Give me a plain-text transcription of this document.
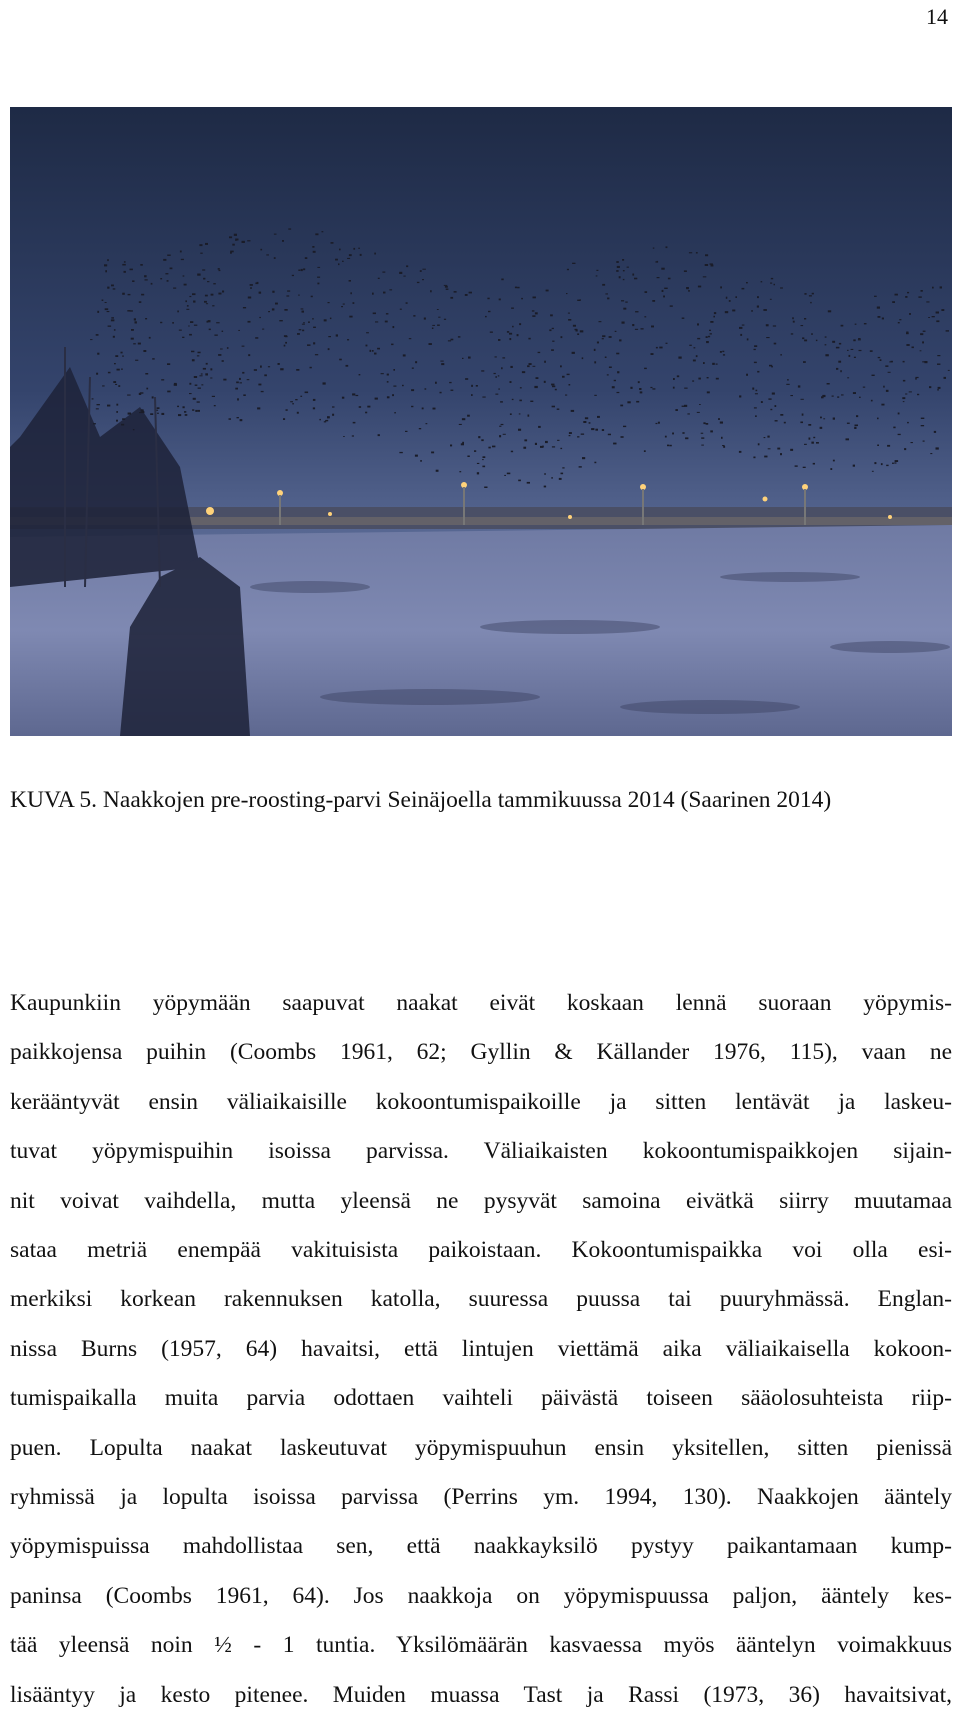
14
KUVA 5. Naakkojen pre-roosting-parvi Seinäjoella tammikuussa 2014 (Saarinen 2014)
Kaupunkiin yöpymään saapuvat naakat eivät koskaan lennä suoraan yöpymis-
paikkojensa puihin (Coombs 1961, 62; Gyllin & Källander 1976, 115), vaan ne
kerääntyvät ensin väliaikaisille kokoontumispaikoille ja sitten lentävät ja laskeu-
tuvat yöpymispuihin isoissa parvissa. Väliaikaisten kokoontumispaikkojen sijain-
nit voivat vaihdella, mutta yleensä ne pysyvät samoina eivätkä siirry muutamaa
sataa metriä enempää vakituisista paikoistaan. Kokoontumispaikka voi olla esi-
merkiksi korkean rakennuksen katolla, suuressa puussa tai puuryhmässä. Englan-
nissa Burns (1957, 64) havaitsi, että lintujen viettämä aika väliaikaisella kokoon-
tumispaikalla muita parvia odottaen vaihteli päivästä toiseen sääolosuhteista riip-
puen. Lopulta naakat laskeutuvat yöpymispuuhun ensin yksitellen, sitten pienissä
ryhmissä ja lopulta isoissa parvissa (Perrins ym. 1994, 130). Naakkojen ääntely
yöpymispuissa mahdollistaa sen, että naakkayksilö pystyy paikantamaan kump-
paninsa (Coombs 1961, 64). Jos naakkoja on yöpymispuussa paljon, ääntely kes-
tää yleensä noin ½ - 1 tuntia. Yksilömäärän kasvaessa myös ääntelyn voimakkuus
lisääntyy ja kesto pitenee. Muiden muassa Tast ja Rassi (1973, 36) havaitsivat,
